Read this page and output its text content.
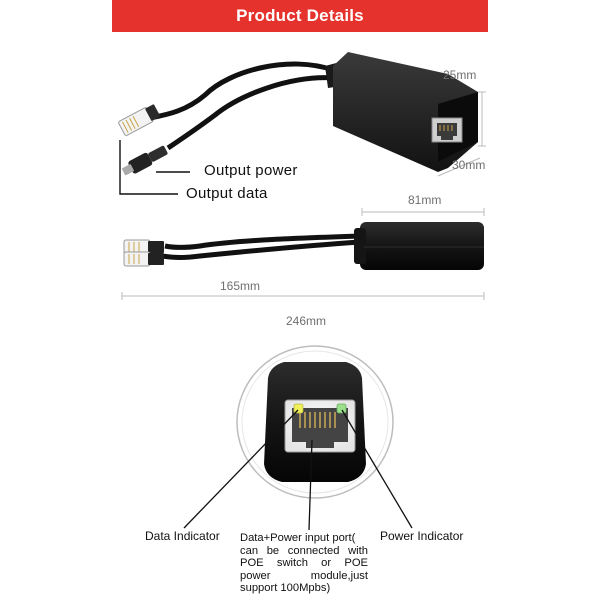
Product Details
Output power
Output data
25mm
30mm
81mm
165mm
246mm
Data Indicator	Power Indicator
Data+Power input port(
can be connected with POE switch or POE power module,just support 100Mpbs)
